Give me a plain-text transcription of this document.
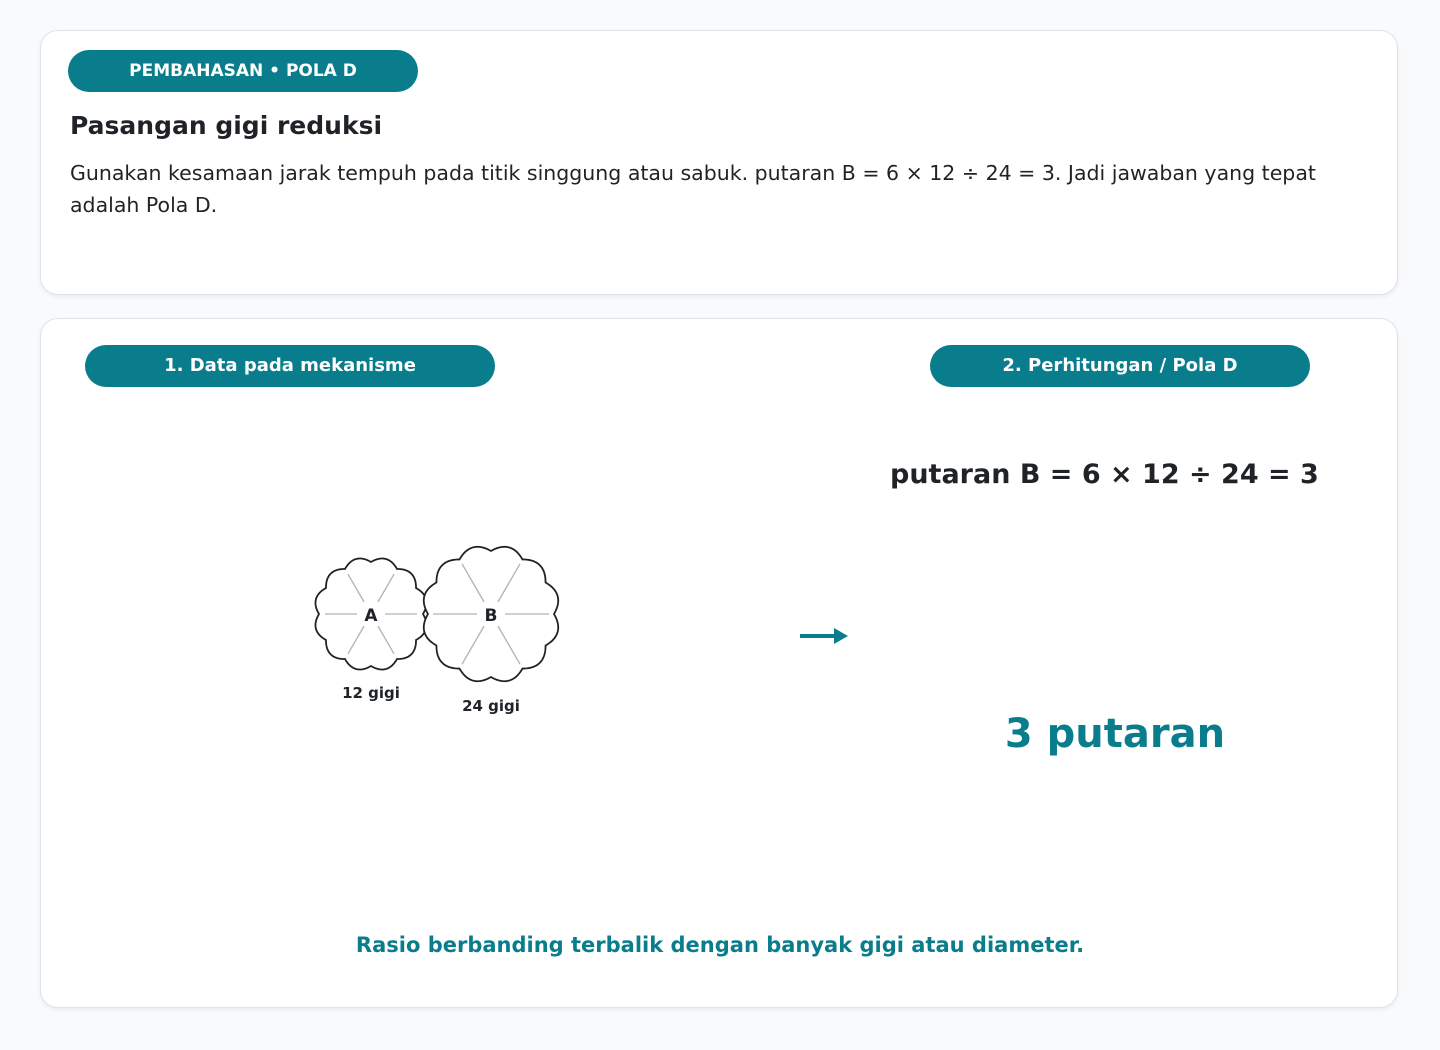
PEMBAHASAN • POLA D
Pasangan gigi reduksi
Gunakan kesamaan jarak tempuh pada titik singgung atau sabuk. putaran B = 6 × 12 ÷ 24 = 3. Jadi jawaban yang tepat adalah Pola D.
1. Data pada mekanisme	2. Perhitungan / Pola D
A
12 gigi
B
24 gigi
putaran B = 6 × 12 ÷ 24 = 3
3 putaran
Rasio berbanding terbalik dengan banyak gigi atau diameter.
